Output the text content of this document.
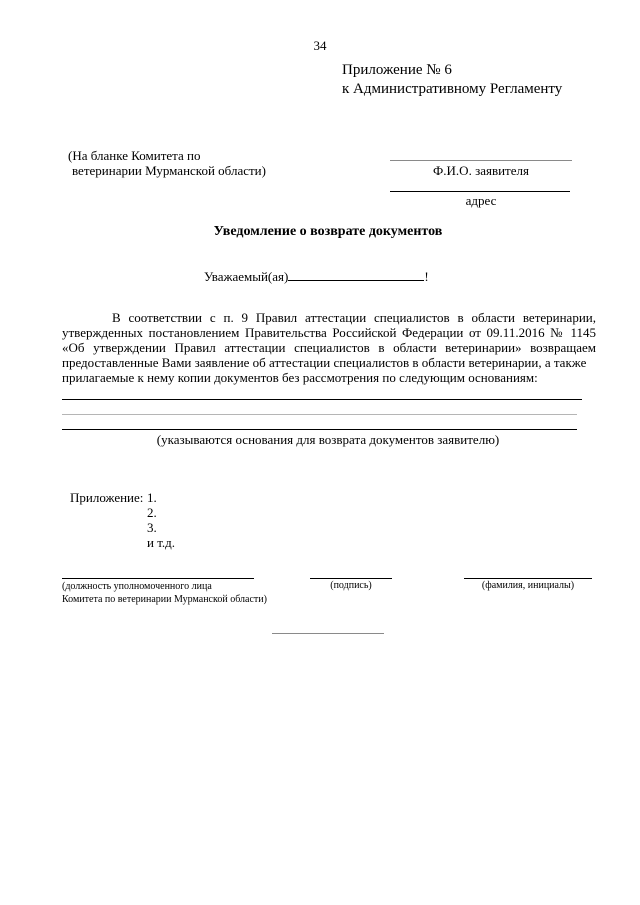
34
Приложение № 6
к Административному Регламенту
(На бланке Комитета по
ветеринарии Мурманской области)	Ф.И.О. заявителя
адрес
Уведомление о возврате документов
Уважаемый(ая)	!
В соответствии с п. 9 Правил аттестации специалистов в области ветеринарии, утвержденных постановлением Правительства Российской Федерации от 09.11.2016 № 1145 «Об утверждении Правил аттестации специалистов в области ветеринарии» возвращаем предоставленные Вами заявление об аттестации специалистов в области ветеринарии, а также
прилагаемые к нему копии документов без рассмотрения по следующим основаниям:
(указываются основания для возврата документов заявителю)
Приложение: 1.
2.
3.
и т.д.
(должность уполномоченного лица
Комитета по ветеринарии Мурманской области)
(подпись)	(фамилия, инициалы)
